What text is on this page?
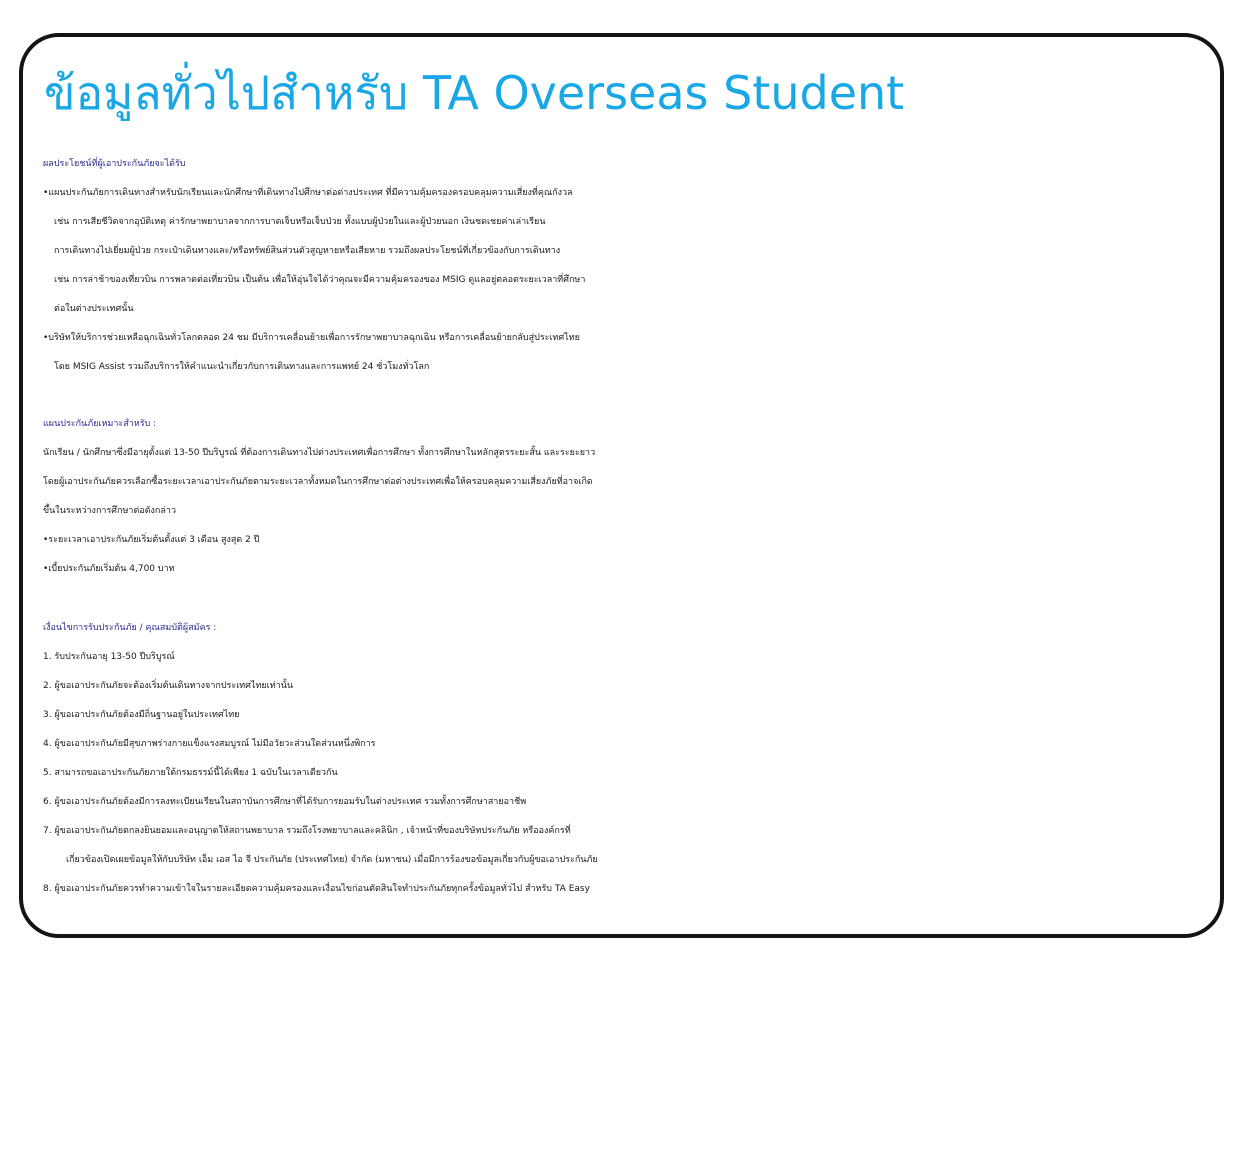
ข้อมูลทั่วไปสำหรับ TA Overseas Student
ผลประโยชน์ที่ผู้เอาประกันภัยจะได้รับ

•แผนประกันภัยการเดินทางสำหรับนักเรียนและนักศึกษาที่เดินทางไปศึกษาต่อต่างประเทศ ที่มีความคุ้มครองครอบคลุมความเสี่ยงที่คุณกังวล

เช่น การเสียชีวิตจากอุบัติเหตุ ค่ารักษาพยาบาลจากการบาดเจ็บหรือเจ็บป่วย ทั้งแบบผู้ป่วยในและผู้ป่วยนอก เงินชดเชยค่าเล่าเรียน

การเดินทางไปเยี่ยมผู้ป่วย กระเป๋าเดินทางและ/หรือทรัพย์สินส่วนตัวสูญหายหรือเสียหาย รวมถึงผลประโยชน์ที่เกี่ยวข้องกับการเดินทาง

เช่น การล่าช้าของเที่ยวบิน การพลาดต่อเที่ยวบิน เป็นต้น เพื่อให้อุ่นใจได้ว่าคุณจะมีความคุ้มครองของ MSIG ดูแลอยู่ตลอดระยะเวลาที่ศึกษา

ต่อในต่างประเทศนั้น

•บริษัทให้บริการช่วยเหลือฉุกเฉินทั่วโลกตลอด 24 ชม มีบริการเคลื่อนย้ายเพื่อการรักษาพยาบาลฉุกเฉิน หรือการเคลื่อนย้ายกลับสู่ประเทศไทย

โดย MSIG Assist รวมถึงบริการให้คำแนะนำเกี่ยวกับการเดินทางและการแพทย์ 24 ชั่วโมงทั่วโลก

แผนประกันภัยเหมาะสำหรับ :

นักเรียน / นักศึกษาซึ่งมีอายุตั้งแต่ 13-50 ปีบริบูรณ์ ที่ต้องการเดินทางไปต่างประเทศเพื่อการศึกษา ทั้งการศึกษาในหลักสูตรระยะสั้น และระยะยาว

โดยผู้เอาประกันภัยควรเลือกซื้อระยะเวลาเอาประกันภัยตามระยะเวลาทั้งหมดในการศึกษาต่อต่างประเทศเพื่อให้ครอบคลุมความเสี่ยงภัยที่อาจเกิด

ขึ้นในระหว่างการศึกษาต่อดังกล่าว

•ระยะเวลาเอาประกันภัยเริ่มต้นตั้งแต่ 3 เดือน สูงสุด 2 ปี

•เบี้ยประกันภัยเริ่มต้น 4,700 บาท

เงื่อนไขการรับประกันภัย / คุณสมบัติผู้สมัคร :

1. รับประกันอายุ 13-50 ปีบริบูรณ์

2. ผู้ขอเอาประกันภัยจะต้องเริ่มต้นเดินทางจากประเทศไทยเท่านั้น

3. ผู้ขอเอาประกันภัยต้องมีถิ่นฐานอยู่ในประเทศไทย

4. ผู้ขอเอาประกันภัยมีสุขภาพร่างกายแข็งแรงสมบูรณ์ ไม่มีอวัยวะส่วนใดส่วนหนึ่งพิการ

5. สามารถขอเอาประกันภัยภายใต้กรมธรรม์นี้ได้เพียง 1 ฉบับในเวลาเดียวกัน

6. ผู้ขอเอาประกันภัยต้องมีการลงทะเบียนเรียนในสถาบันการศึกษาที่ได้รับการยอมรับในต่างประเทศ รวมทั้งการศึกษาสายอาชีพ

7. ผู้ขอเอาประกันภัยตกลงยินยอมและอนุญาตให้สถานพยาบาล รวมถึงโรงพยาบาลและคลินิก , เจ้าหน้าที่ของบริษัทประกันภัย หรือองค์กรที่

เกี่ยวข้องเปิดเผยข้อมูลให้กับบริษัท เอ็ม เอส ไอ จี ประกันภัย (ประเทศไทย) จำกัด (มหาชน) เมื่อมีการร้องขอข้อมูลเกี่ยวกับผู้ขอเอาประกันภัย

8. ผู้ขอเอาประกันภัยควรทำความเข้าใจในรายละเอียดความคุ้มครองและเงื่อนไขก่อนตัดสินใจทำประกันภัยทุกครั้งข้อมูลทั่วไป สำหรับ TA Easy
